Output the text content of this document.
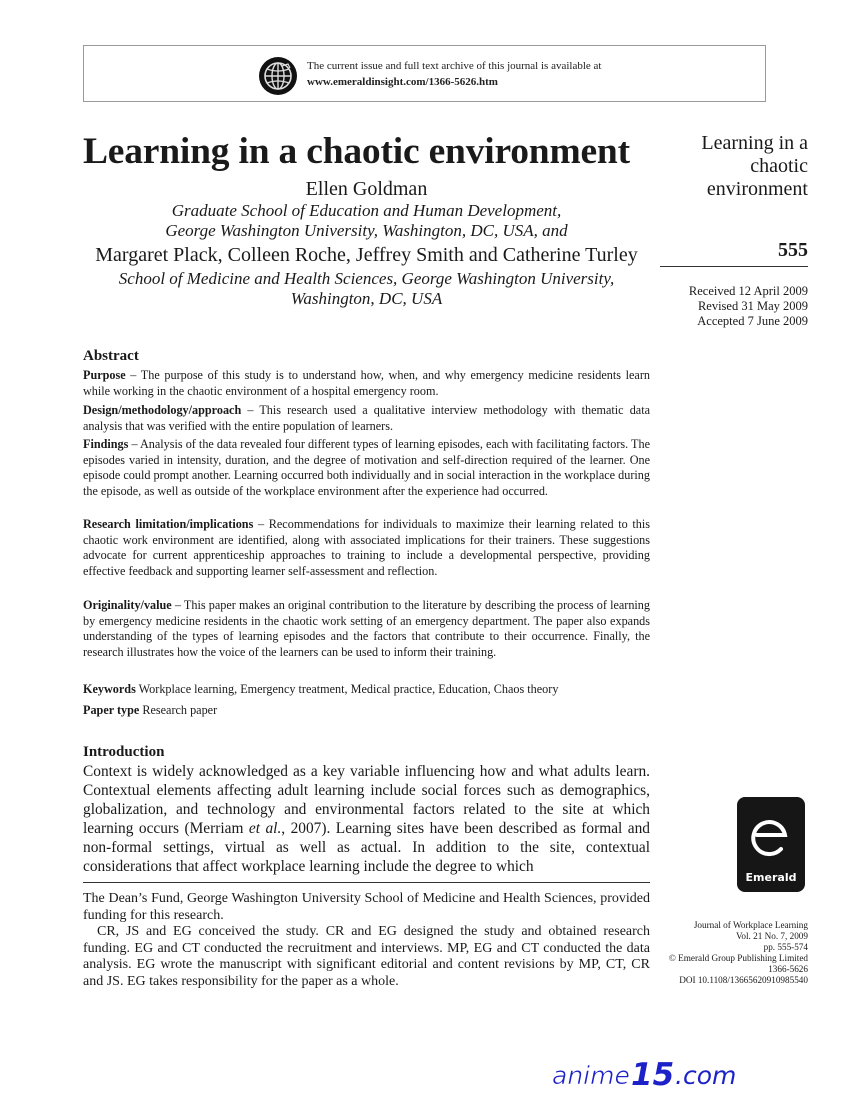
The current issue and full text archive of this journal is available at
www.emeraldinsight.com/1366-5626.htm
Learning in a chaotic environment
Ellen Goldman
Graduate School of Education and Human Development,
George Washington University, Washington, DC, USA, and
Margaret Plack, Colleen Roche, Jeffrey Smith and Catherine Turley
School of Medicine and Health Sciences, George Washington University,
Washington, DC, USA
Learning in a
chaotic
environment
555
Received 12 April 2009
Revised 31 May 2009
Accepted 7 June 2009
Abstract
Purpose – The purpose of this study is to understand how, when, and why emergency medicine residents learn while working in the chaotic environment of a hospital emergency room.
Design/methodology/approach – This research used a qualitative interview methodology with thematic data analysis that was verified with the entire population of learners.
Findings – Analysis of the data revealed four different types of learning episodes, each with facilitating factors. The episodes varied in intensity, duration, and the degree of motivation and self-direction required of the learner. One episode could prompt another. Learning occurred both individually and in social interaction in the workplace during the episode, as well as outside of the workplace environment after the experience had occurred.
Research limitation/implications – Recommendations for individuals to maximize their learning related to this chaotic work environment are identified, along with associated implications for their trainers. These suggestions advocate for current apprenticeship approaches to training to include a developmental perspective, providing effective feedback and supporting learner self-assessment and reflection.
Originality/value – This paper makes an original contribution to the literature by describing the process of learning by emergency medicine residents in the chaotic work setting of an emergency department. The paper also expands understanding of the types of learning episodes and the factors that contribute to their occurrence. Finally, the research illustrates how the voice of the learners can be used to inform their training.
Keywords Workplace learning, Emergency treatment, Medical practice, Education, Chaos theory
Paper type Research paper
Introduction
Context is widely acknowledged as a key variable influencing how and what adults learn. Contextual elements affecting adult learning include social forces such as demographics, globalization, and technology and environmental factors related to the site at which learning occurs (Merriam et al., 2007). Learning sites have been described as formal and non-formal settings, virtual as well as actual. In addition to the site, contextual considerations that affect workplace learning include the degree to which
The Dean’s Fund, George Washington University School of Medicine and Health Sciences, provided funding for this research.
CR, JS and EG conceived the study. CR and EG designed the study and obtained research funding. EG and CT conducted the recruitment and interviews. MP, EG and CT conducted the data analysis. EG wrote the manuscript with significant editorial and content revisions by MP, CT, CR and JS. EG takes responsibility for the paper as a whole.
Emerald
Journal of Workplace Learning
Vol. 21 No. 7, 2009
pp. 555-574
© Emerald Group Publishing Limited
1366-5626
DOI 10.1108/13665620910985540
anime 15 .com
